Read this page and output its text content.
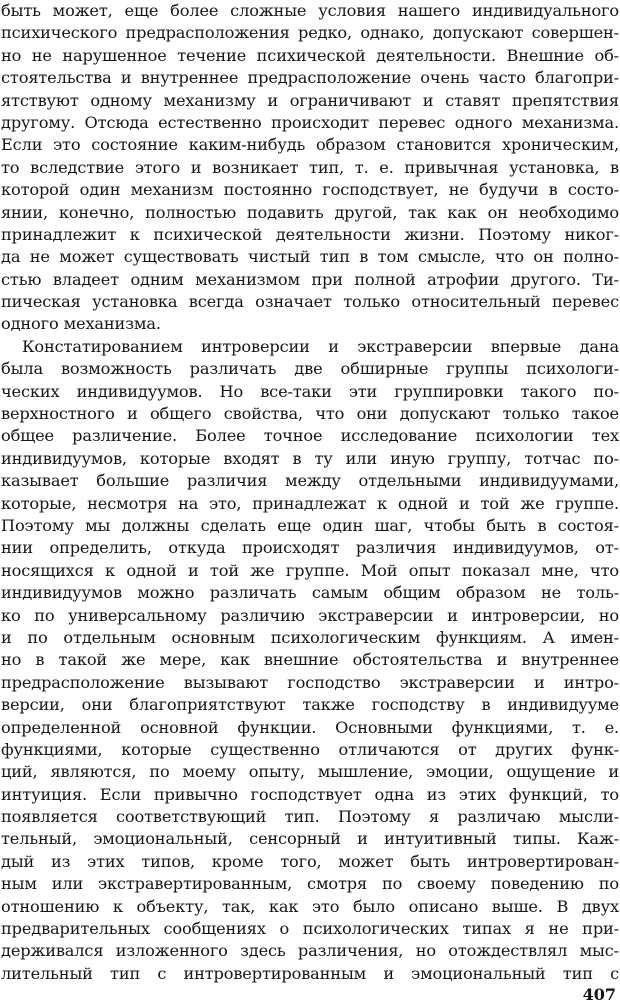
быть может, еще более сложные условия нашего индивидуального
психического предрасположения редко, однако, допускают совершен-
но не нарушенное течение психической деятельности. Внешние об-
стоятельства и внутреннее предрасположение очень часто благопри-
ятствуют одному механизму и ограничивают и ставят препятствия
другому. Отсюда естественно происходит перевес одного механизма.
Если это состояние каким-нибудь образом становится хроническим,
то вследствие этого и возникает тип, т. е. привычная установка, в
которой один механизм постоянно господствует, не будучи в состо-
янии, конечно, полностью подавить другой, так как он необходимо
принадлежит к психической деятельности жизни. Поэтому никог-
да не может существовать чистый тип в том смысле, что он полно-
стью владеет одним механизмом при полной атрофии другого. Ти-
пическая установка всегда означает только относительный перевес
одного механизма.
Констатированием интроверсии и экстраверсии впервые дана
была возможность различать две обширные группы психологи-
ческих индивидуумов. Но все-таки эти группировки такого по-
верхностного и общего свойства, что они допускают только такое
общее различение. Более точное исследование психологии тех
индивидуумов, которые входят в ту или иную группу, тотчас по-
казывает большие различия между отдельными индивидуумами,
которые, несмотря на это, принадлежат к одной и той же группе.
Поэтому мы должны сделать еще один шаг, чтобы быть в состоя-
нии определить, откуда происходят различия индивидуумов, от-
носящихся к одной и той же группе. Мой опыт показал мне, что
индивидуумов можно различать самым общим образом не толь-
ко по универсальному различию экстраверсии и интроверсии, но
и по отдельным основным психологическим функциям. А имен-
но в такой же мере, как внешние обстоятельства и внутреннее
предрасположение вызывают господство экстраверсии и интро-
версии, они благоприятствуют также господству в индивидууме
определенной основной функции. Основными функциями, т. е.
функциями, которые существенно отличаются от других функ-
ций, являются, по моему опыту, мышление, эмоции, ощущение и
интуиция. Если привычно господствует одна из этих функций, то
появляется соответствующий тип. Поэтому я различаю мысли-
тельный, эмоциональный, сенсорный и интуитивный типы. Каж-
дый из этих типов, кроме того, может быть интровертирован-
ным или экстравертированным, смотря по своему поведению по
отношению к объекту, так, как это было описано выше. В двух
предварительных сообщениях о психологических типах я не при-
держивался изложенного здесь различения, но отождествлял мыс-
лительный тип с интровертированным и эмоциональный тип с
407
